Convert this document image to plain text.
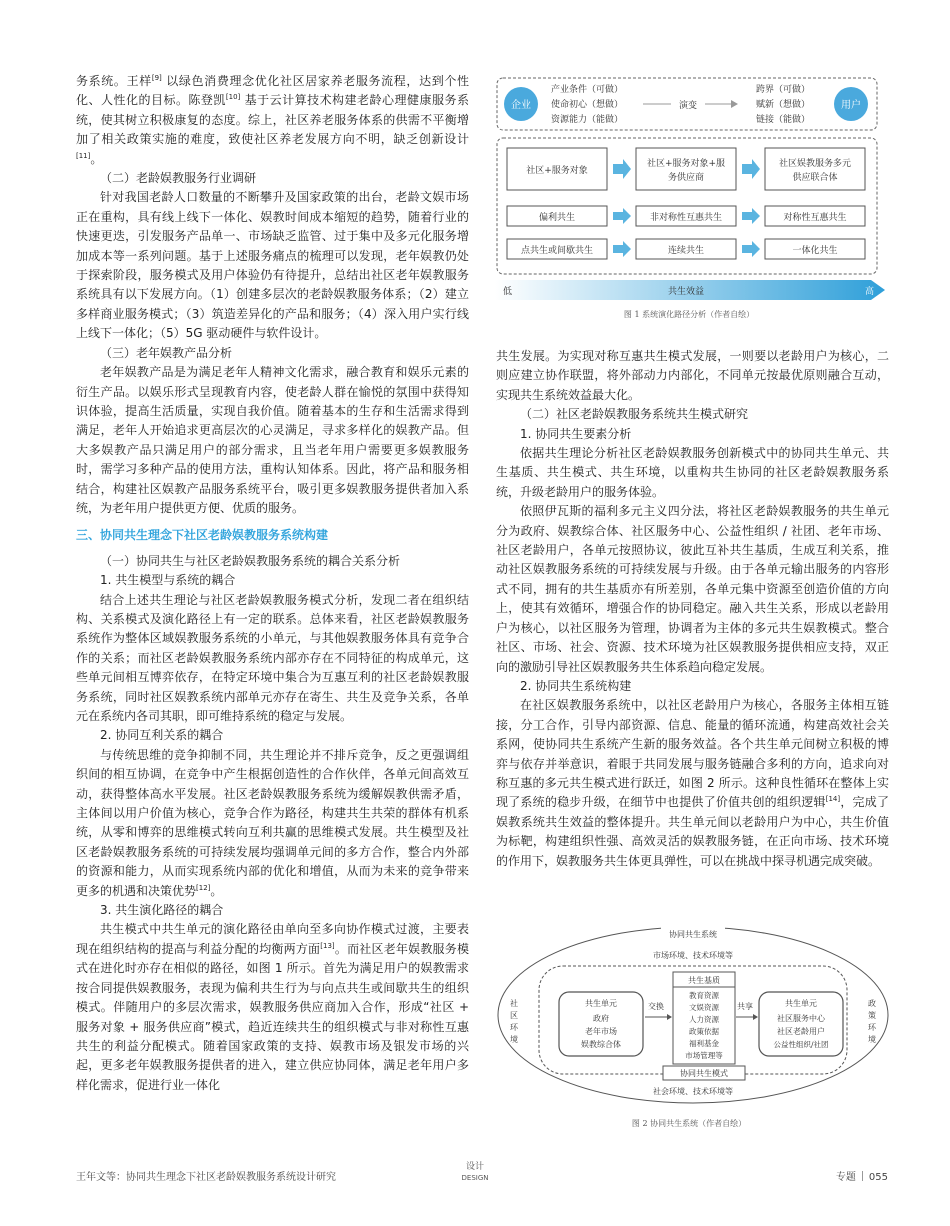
务系统。王样[9] 以绿色消费理念优化社区居家养老服务流程，达到个性化、人性化的目标。陈登凯[10] 基于云计算技术构建老龄心理健康服务系统，使其树立积极康复的态度。综上，社区养老服务体系的供需不平衡增加了相关政策实施的难度，致使社区养老发展方向不明，缺乏创新设计[11]。

（二）老龄娱教服务行业调研

针对我国老龄人口数量的不断攀升及国家政策的出台，老龄文娱市场正在重构，具有线上线下一体化、娱教时间成本缩短的趋势，随着行业的快速更迭，引发服务产品单一、市场缺乏监管、过于集中及多元化服务增加成本等一系列问题。基于上述服务痛点的梳理可以发现，老年娱教仍处于探索阶段，服务模式及用户体验仍有待提升，总结出社区老年娱教服务系统具有以下发展方向。（1）创建多层次的老龄娱教服务体系；（2）建立多样商业服务模式；（3）筑造差异化的产品和服务；（4）深入用户实行线上线下一体化；（5）5G 驱动硬件与软件设计。

（三）老年娱教产品分析

老年娱教产品是为满足老年人精神文化需求，融合教育和娱乐元素的衍生产品。以娱乐形式呈现教育内容，使老龄人群在愉悦的氛围中获得知识体验，提高生活质量，实现自我价值。随着基本的生存和生活需求得到满足，老年人开始追求更高层次的心灵满足，寻求多样化的娱教产品。但大多娱教产品只满足用户的部分需求，且当老年用户需要更多娱教服务时，需学习多种产品的使用方法，重构认知体系。因此，将产品和服务相结合，构建社区娱教产品服务系统平台，吸引更多娱教服务提供者加入系统，为老年用户提供更方便、优质的服务。

三、协同共生理念下社区老龄娱教服务系统构建

（一）协同共生与社区老龄娱教服务系统的耦合关系分析

1. 共生模型与系统的耦合

结合上述共生理论与社区老龄娱教服务模式分析，发现二者在组织结构、关系模式及演化路径上有一定的联系。总体来看，社区老龄娱教服务系统作为整体区域娱教服务系统的小单元，与其他娱教服务体具有竞争合作的关系；而社区老龄娱教服务系统内部亦存在不同特征的构成单元，这些单元间相互博弈依存，在特定环境中集合为互惠互利的社区老龄娱教服务系统，同时社区娱教系统内部单元亦存在寄生、共生及竞争关系，各单元在系统内各司其职，即可维持系统的稳定与发展。

2. 协同互利关系的耦合

与传统思维的竞争抑制不同，共生理论并不排斥竞争，反之更强调组织间的相互协调，在竞争中产生根据创造性的合作伙伴，各单元间高效互动，获得整体高水平发展。社区老龄娱教服务系统为缓解娱教供需矛盾，主体间以用户价值为核心，竞争合作为路径，构建共生共荣的群体有机系统，从零和博弈的思维模式转向互利共赢的思维模式发展。共生模型及社区老龄娱教服务系统的可持续发展均强调单元间的多方合作，整合内外部的资源和能力，从而实现系统内部的优化和增值，从而为未来的竞争带来更多的机遇和决策优势[12]。

3. 共生演化路径的耦合

共生模式中共生单元的演化路径由单向至多向协作模式过渡，主要表现在组织结构的提高与利益分配的均衡两方面[13]。而社区老年娱教服务模式在进化时亦存在相似的路径，如图 1 所示。首先为满足用户的娱教需求按合同提供娱教服务，表现为偏利共生行为与向点共生或间歇共生的组织模式。伴随用户的多层次需求，娱教服务供应商加入合作，形成“社区 + 服务对象 + 服务供应商”模式，趋近连续共生的组织模式与非对称性互惠共生的利益分配模式。随着国家政策的支持、娱教市场及银发市场的兴起，更多老年娱教服务提供者的进入，建立供应协同体，满足老年用户多样化需求，促进行业一体化

企业
产业条件（可做）
使命初心（想做）
资源能力（能做）
演变
跨界（可做）
赋新（想做）
链接（能做）
用户
社区+服务对象
社区+服务对象+服
务供应商
社区娱教服务多元
供应联合体
偏利共生	非对称性互惠共生	对称性互惠共生
点共生或间歇共生	连续共生	一体化共生
低	共生效益	高
图 1 系统演化路径分析（作者自绘）

共生发展。为实现对称互惠共生模式发展，一则要以老龄用户为核心，二则应建立协作联盟，将外部动力内部化，不同单元按最优原则融合互动，实现共生系统效益最大化。

（二）社区老龄娱教服务系统共生模式研究

1. 协同共生要素分析

依据共生理论分析社区老龄娱教服务创新模式中的协同共生单元、共生基质、共生模式、共生环境，以重构共生协同的社区老龄娱教服务系统，升级老龄用户的服务体验。

依照伊瓦斯的福利多元主义四分法，将社区老龄娱教服务的共生单元分为政府、娱教综合体、社区服务中心、公益性组织 / 社团、老年市场、社区老龄用户，各单元按照协议，彼此互补共生基质，生成互利关系，推动社区娱教服务系统的可持续发展与升级。由于各单元输出服务的内容形式不同，拥有的共生基质亦有所差别，各单元集中资源至创造价值的方向上，使其有效循环，增强合作的协同稳定。融入共生关系，形成以老龄用户为核心，以社区服务为管理，协调者为主体的多元共生娱教模式。整合社区、市场、社会、资源、技术环境为社区娱教服务提供相应支持，双正向的激励引导社区娱教服务共生体系趋向稳定发展。

2. 协同共生系统构建

在社区娱教服务系统中，以社区老龄用户为核心，各服务主体相互链接，分工合作，引导内部资源、信息、能量的循环流通，构建高效社会关系网，使协同共生系统产生新的服务效益。各个共生单元间树立积极的博弈与依存并举意识，着眼于共同发展与服务链融合多利的方向，追求向对称互惠的多元共生模式进行跃迁，如图 2 所示。这种良性循环在整体上实现了系统的稳步升级，在细节中也提供了价值共创的组织逻辑[14]，完成了娱教系统共生效益的整体提升。共生单元间以老龄用户为中心，共生价值为标靶，构建组织性强、高效灵活的娱教服务链，在正向市场、技术环境的作用下，娱教服务共生体更具弹性，可以在挑战中探寻机遇完成突破。

协同共生系统
市场环境、技术环境等
社区环境
政策环境
共生单元
政府
老年市场
娱教综合体
交换
共生基质
教育资源
文娱资源
人力资源
政策依据
福利基金
市场管理等
共享	共生单元
社区服务中心
社区老龄用户
公益性组织/社团
协同共生模式
社会环境、技术环境等
图 2 协同共生系统（作者自绘）
王年文等：协同共生理念下社区老龄娱教服务系统设计研究
设计
DESIGN	专题 055
